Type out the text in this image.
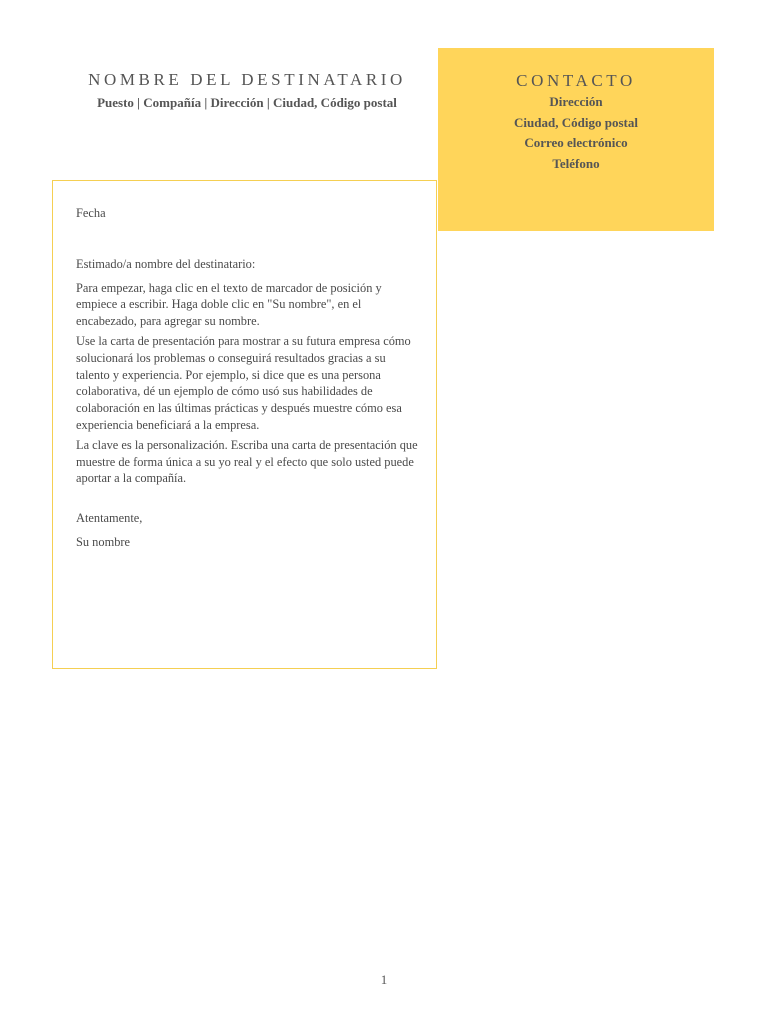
NOMBRE DEL DESTINATARIO

Puesto | Compañía | Dirección | Ciudad, Código postal

CONTACTO

Dirección

Ciudad, Código postal

Correo electrónico

Teléfono

Fecha

Estimado/a nombre del destinatario:

Para empezar, haga clic en el texto de marcador de posición y empiece a escribir. Haga doble clic en "Su nombre", en el encabezado, para agregar su nombre.

Use la carta de presentación para mostrar a su futura empresa cómo solucionará los problemas o conseguirá resultados gracias a su talento y experiencia. Por ejemplo, si dice que es una persona colaborativa, dé un ejemplo de cómo usó sus habilidades de colaboración en las últimas prácticas y después muestre cómo esa experiencia beneficiará a la empresa.

La clave es la personalización. Escriba una carta de presentación que muestre de forma única a su yo real y el efecto que solo usted puede aportar a la compañía.

Atentamente,

Su nombre

1
